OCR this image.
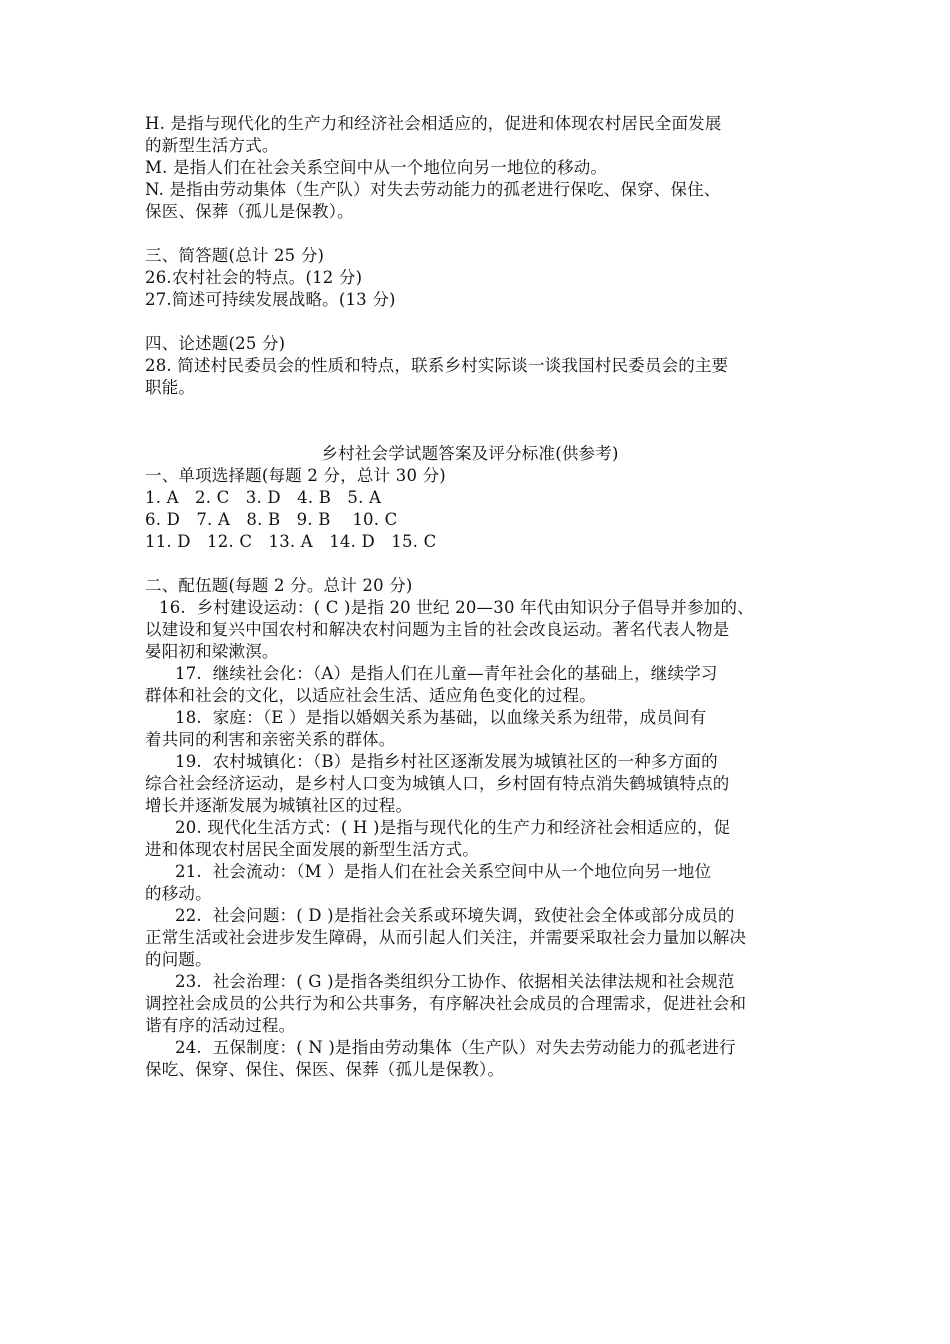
H. 是指与现代化的生产力和经济社会相适应的，促进和体现农村居民全面发展

的新型生活方式。

M. 是指人们在社会关系空间中从一个地位向另一地位的移动。

N. 是指由劳动集体（生产队）对失去劳动能力的孤老进行保吃、保穿、保住、

保医、保葬（孤儿是保教）。

三、简答题(总计 25 分)

26.农村社会的特点。(12 分)

27.简述可持续发展战略。(13 分)

四、论述题(25 分)

28. 简述村民委员会的性质和特点，联系乡村实际谈一谈我国村民委员会的主要

职能。

乡村社会学试题答案及评分标准(供参考)

一、单项选择题(每题 2 分，总计 30 分)

1. A   2. C   3. D   4. B   5. A

6. D   7. A   8. B   9. B    10. C

11. D   12. C   13. A   14. D   15. C

二、配伍题(每题 2 分。总计 20 分)

16.  乡村建设运动：( C )是指 20 世纪 20—30 年代由知识分子倡导并参加的、

以建设和复兴中国农村和解决农村问题为主旨的社会改良运动。著名代表人物是

晏阳初和梁漱溟。

17.  继续社会化：（A）是指人们在儿童—青年社会化的基础上，继续学习

群体和社会的文化，以适应社会生活、适应角色变化的过程。

18.  家庭：（E ）是指以婚姻关系为基础，以血缘关系为纽带，成员间有

着共同的利害和亲密关系的群体。

19.  农村城镇化：（B）是指乡村社区逐渐发展为城镇社区的一种多方面的

综合社会经济运动，是乡村人口变为城镇人口，乡村固有特点消失鹤城镇特点的

增长并逐渐发展为城镇社区的过程。

20. 现代化生活方式：( H )是指与现代化的生产力和经济社会相适应的，促

进和体现农村居民全面发展的新型生活方式。

21.  社会流动：（M ）是指人们在社会关系空间中从一个地位向另一地位

的移动。

22.  社会问题：( D )是指社会关系或环境失调，致使社会全体或部分成员的

正常生活或社会进步发生障碍，从而引起人们关注，并需要采取社会力量加以解决

的问题。

23.  社会治理：( G )是指各类组织分工协作、依据相关法律法规和社会规范

调控社会成员的公共行为和公共事务，有序解决社会成员的合理需求，促进社会和

谐有序的活动过程。

24.  五保制度：( N )是指由劳动集体（生产队）对失去劳动能力的孤老进行

保吃、保穿、保住、保医、保葬（孤儿是保教）。
